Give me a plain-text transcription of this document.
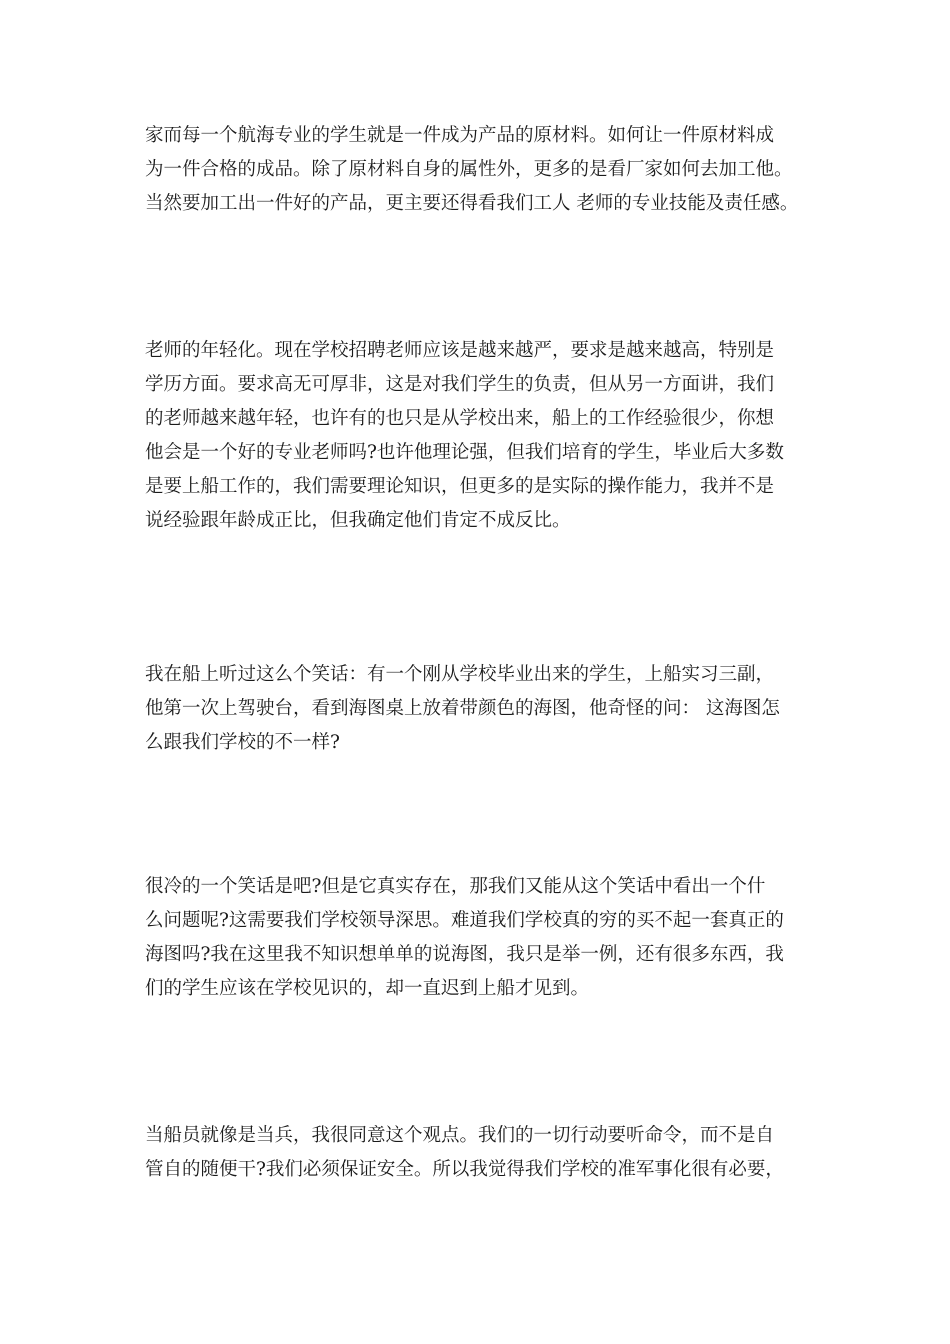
家而每一个航海专业的学生就是一件成为产品的原材料。如何让一件原材料成
为一件合格的成品。除了原材料自身的属性外，更多的是看厂家如何去加工他。
当然要加工出一件好的产品，更主要还得看我们工人 老师的专业技能及责任感。
老师的年轻化。现在学校招聘老师应该是越来越严，要求是越来越高，特别是
学历方面。要求高无可厚非，这是对我们学生的负责，但从另一方面讲，我们
的老师越来越年轻，也许有的也只是从学校出来，船上的工作经验很少，你想
他会是一个好的专业老师吗?也许他理论强，但我们培育的学生，毕业后大多数
是要上船工作的，我们需要理论知识，但更多的是实际的操作能力，我并不是
说经验跟年龄成正比，但我确定他们肯定不成反比。
我在船上听过这么个笑话：有一个刚从学校毕业出来的学生，上船实习三副，
他第一次上驾驶台，看到海图桌上放着带颜色的海图，他奇怪的问： 这海图怎
么跟我们学校的不一样?
很冷的一个笑话是吧?但是它真实存在，那我们又能从这个笑话中看出一个什
么问题呢?这需要我们学校领导深思。难道我们学校真的穷的买不起一套真正的
海图吗?我在这里我不知识想单单的说海图，我只是举一例，还有很多东西，我
们的学生应该在学校见识的，却一直迟到上船才见到。
当船员就像是当兵，我很同意这个观点。我们的一切行动要听命令，而不是自
管自的随便干?我们必须保证安全。所以我觉得我们学校的准军事化很有必要，
